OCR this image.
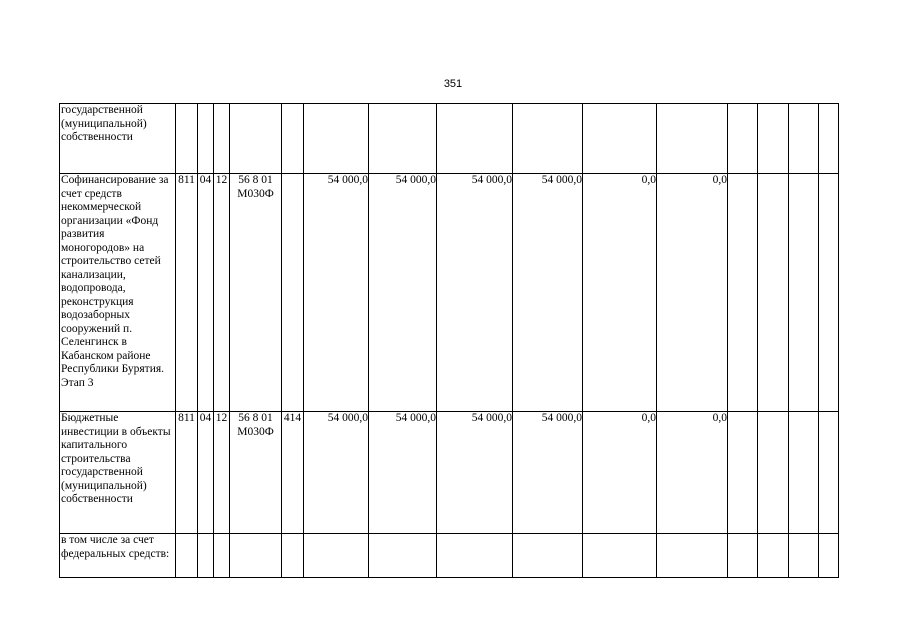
351
государственной (муниципальной) собственности															
Софинансирование за счет средств некоммерческой организации «Фонд развития моногородов» на строительство сетей канализации, водопровода, реконструкция водозаборных сооружений п. Селенгинск в Кабанском районе Республики Бурятия. Этап 3	811	04	12	56 8 01 M030Ф		54 000,0	54 000,0	54 000,0	54 000,0	0,0	0,0				
Бюджетные инвестиции в объекты капитального строительства государственной (муниципальной) собственности	811	04	12	56 8 01 M030Ф	414	54 000,0	54 000,0	54 000,0	54 000,0	0,0	0,0				
в том числе за счет федеральных средств:															
